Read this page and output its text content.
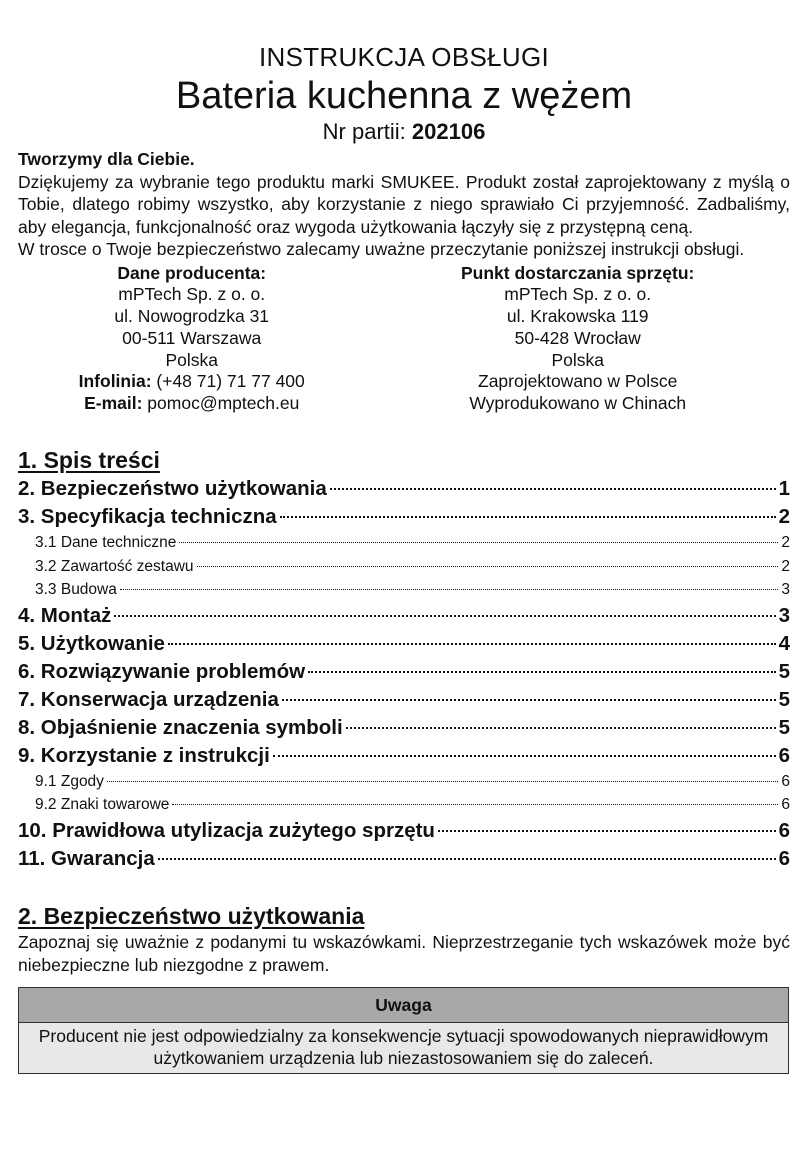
INSTRUKCJA OBSŁUGI
Bateria kuchenna z wężem
Nr partii: 202106

Tworzymy dla Ciebie.

Dziękujemy za wybranie tego produktu marki SMUKEE. Produkt został zaprojektowany z myślą o Tobie, dlatego robimy wszystko, aby korzystanie z niego sprawiało Ci przyjemność. Zadbaliśmy, aby elegancja, funkcjonalność oraz wygoda użytkowania łączyły się z przystępną ceną.

W trosce o Twoje bezpieczeństwo zalecamy uważne przeczytanie poniższej instrukcji obsługi.

Dane producenta:
mPTech Sp. z o. o.
ul. Nowogrodzka 31
00-511 Warszawa
Polska
Infolinia: (+48 71) 71 77 400
E-mail: pomoc@mptech.eu
Punkt dostarczania sprzętu:
mPTech Sp. z o. o.
ul. Krakowska 119
50-428 Wrocław
Polska
Zaprojektowano w Polsce
Wyprodukowano w Chinach
1. Spis treści
2. Bezpieczeństwo użytkowania	1
3. Specyfikacja techniczna	2
3.1 Dane techniczne	2
3.2 Zawartość zestawu	2
3.3 Budowa	3
4. Montaż	3
5. Użytkowanie	4
6. Rozwiązywanie problemów	5
7. Konserwacja urządzenia	5
8. Objaśnienie znaczenia symboli	5
9. Korzystanie z instrukcji	6
9.1 Zgody	6
9.2 Znaki towarowe	6
10. Prawidłowa utylizacja zużytego sprzętu	6
11. Gwarancja	6
2. Bezpieczeństwo użytkowania
Zapoznaj się uważnie z podanymi tu wskazówkami. Nieprzestrzeganie tych wskazówek może być niebezpieczne lub niezgodne z prawem.
Uwaga
Producent nie jest odpowiedzialny za konsekwencje sytuacji spowodowanych nieprawidłowym użytkowaniem urządzenia lub niezastosowaniem się do zaleceń.
